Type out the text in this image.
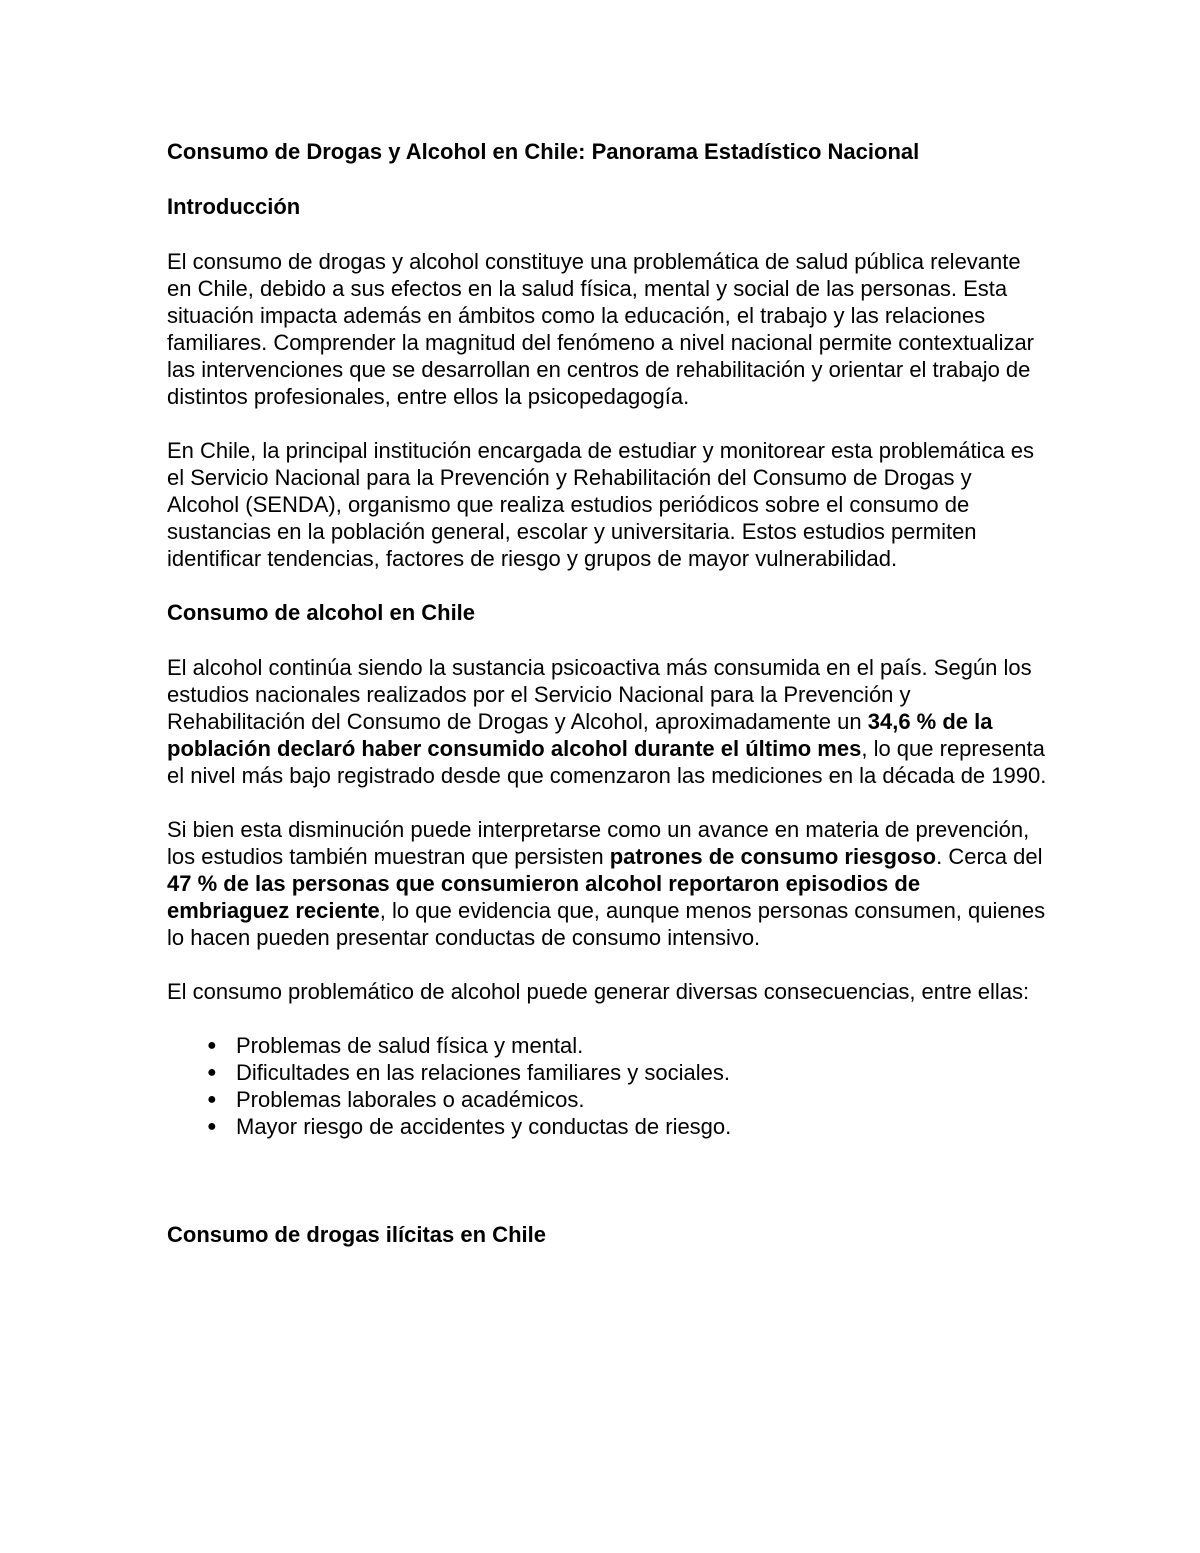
Consumo de Drogas y Alcohol en Chile: Panorama Estadístico Nacional
Introducción

El consumo de drogas y alcohol constituye una problemática de salud pública relevante en Chile, debido a sus efectos en la salud física, mental y social de las personas. Esta situación impacta además en ámbitos como la educación, el trabajo y las relaciones familiares. Comprender la magnitud del fenómeno a nivel nacional permite contextualizar las intervenciones que se desarrollan en centros de rehabilitación y orientar el trabajo de distintos profesionales, entre ellos la psicopedagogía.

En Chile, la principal institución encargada de estudiar y monitorear esta problemática es el Servicio Nacional para la Prevención y Rehabilitación del Consumo de Drogas y Alcohol (SENDA), organismo que realiza estudios periódicos sobre el consumo de sustancias en la población general, escolar y universitaria. Estos estudios permiten identificar tendencias, factores de riesgo y grupos de mayor vulnerabilidad.

Consumo de alcohol en Chile

El alcohol continúa siendo la sustancia psicoactiva más consumida en el país. Según los estudios nacionales realizados por el Servicio Nacional para la Prevención y Rehabilitación del Consumo de Drogas y Alcohol, aproximadamente un 34,6 % de la población declaró haber consumido alcohol durante el último mes, lo que representa el nivel más bajo registrado desde que comenzaron las mediciones en la década de 1990.

Si bien esta disminución puede interpretarse como un avance en materia de prevención, los estudios también muestran que persisten patrones de consumo riesgoso. Cerca del 47 % de las personas que consumieron alcohol reportaron episodios de embriaguez reciente, lo que evidencia que, aunque menos personas consumen, quienes lo hacen pueden presentar conductas de consumo intensivo.

El consumo problemático de alcohol puede generar diversas consecuencias, entre ellas:

● Problemas de salud física y mental.
● Dificultades en las relaciones familiares y sociales.
● Problemas laborales o académicos.
● Mayor riesgo de accidentes y conductas de riesgo.
Consumo de drogas ilícitas en Chile
